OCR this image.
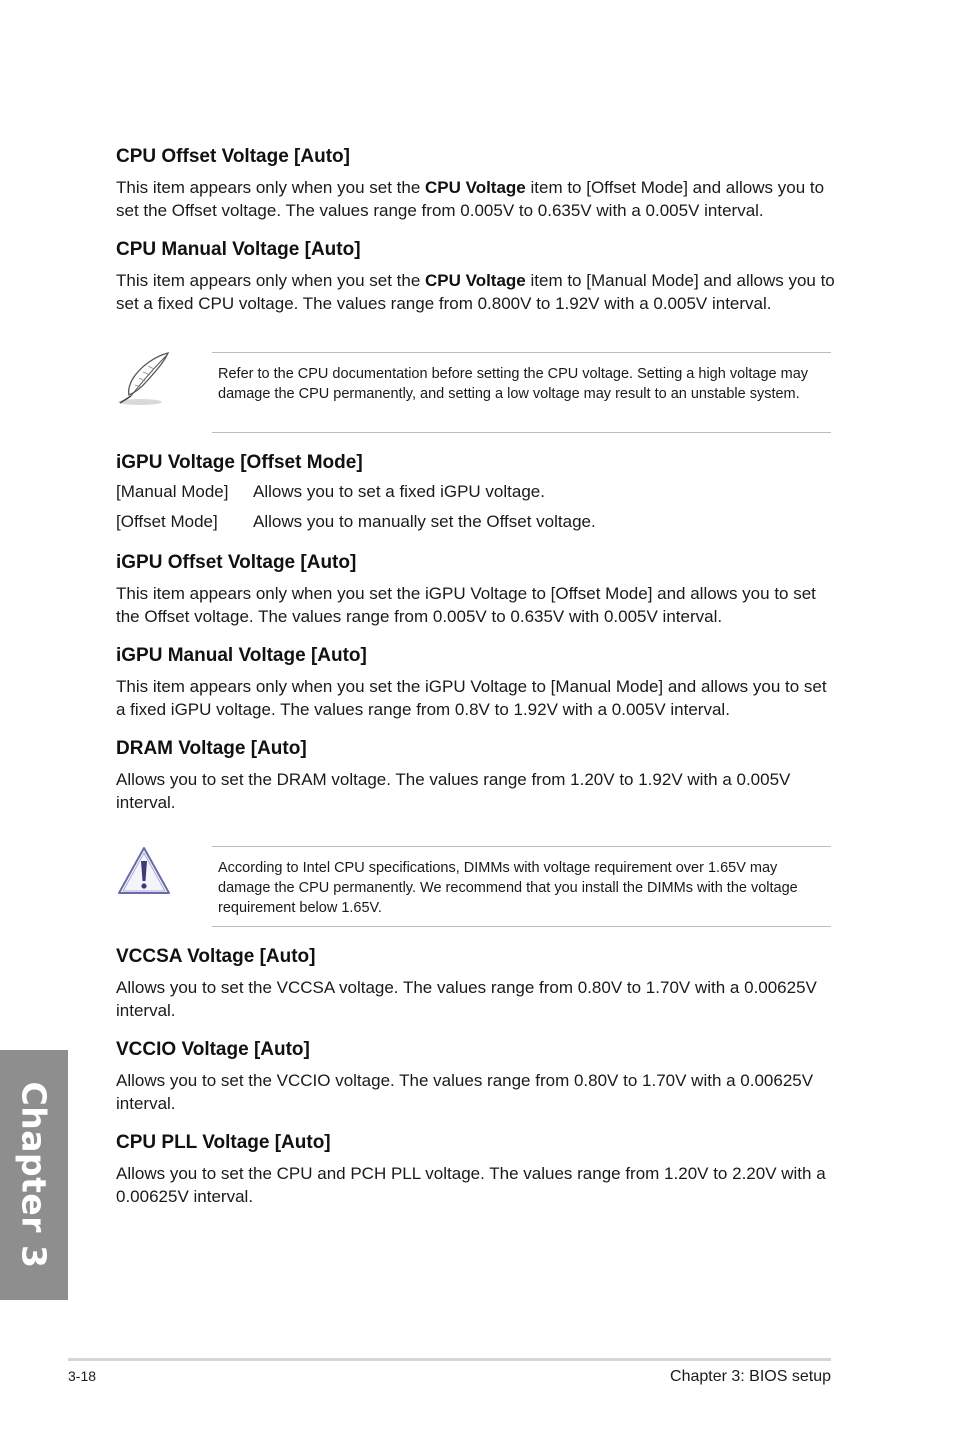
CPU Offset Voltage [Auto]
This item appears only when you set the CPU Voltage item to [Offset Mode] and allows you to set the Offset voltage. The values range from 0.005V to 0.635V with a 0.005V interval.
CPU Manual Voltage [Auto]
This item appears only when you set the CPU Voltage item to [Manual Mode] and allows you to set a fixed CPU voltage. The values range from 0.800V to 1.92V with a 0.005V interval.
Refer to the CPU documentation before setting the CPU voltage. Setting a high voltage may damage the CPU permanently, and setting a low voltage may result to an unstable system.
iGPU Voltage [Offset Mode]
[Manual Mode] Allows you to set a fixed iGPU voltage.
[Offset Mode] Allows you to manually set the Offset voltage.
iGPU Offset Voltage [Auto]
This item appears only when you set the iGPU Voltage to [Offset Mode] and allows you to set the Offset voltage. The values range from 0.005V to 0.635V with 0.005V interval.
iGPU Manual Voltage [Auto]
This item appears only when you set the iGPU Voltage to [Manual Mode] and allows you to set a fixed iGPU voltage. The values range from 0.8V to 1.92V with a 0.005V interval.
DRAM Voltage [Auto]
Allows you to set the DRAM voltage. The values range from 1.20V to 1.92V with a 0.005V interval.
According to Intel CPU specifications, DIMMs with voltage requirement over 1.65V may damage the CPU permanently. We recommend that you install the DIMMs with the voltage requirement below 1.65V.
VCCSA Voltage [Auto]
Allows you to set the VCCSA voltage. The values range from 0.80V to 1.70V with a 0.00625V interval.
VCCIO Voltage [Auto]
Allows you to set the VCCIO voltage. The values range from 0.80V to 1.70V with a 0.00625V interval.
CPU PLL Voltage [Auto]
Allows you to set the CPU and PCH PLL voltage. The values range from 1.20V to 2.20V with a 0.00625V interval.
Chapter 3
3-18	Chapter 3: BIOS setup
